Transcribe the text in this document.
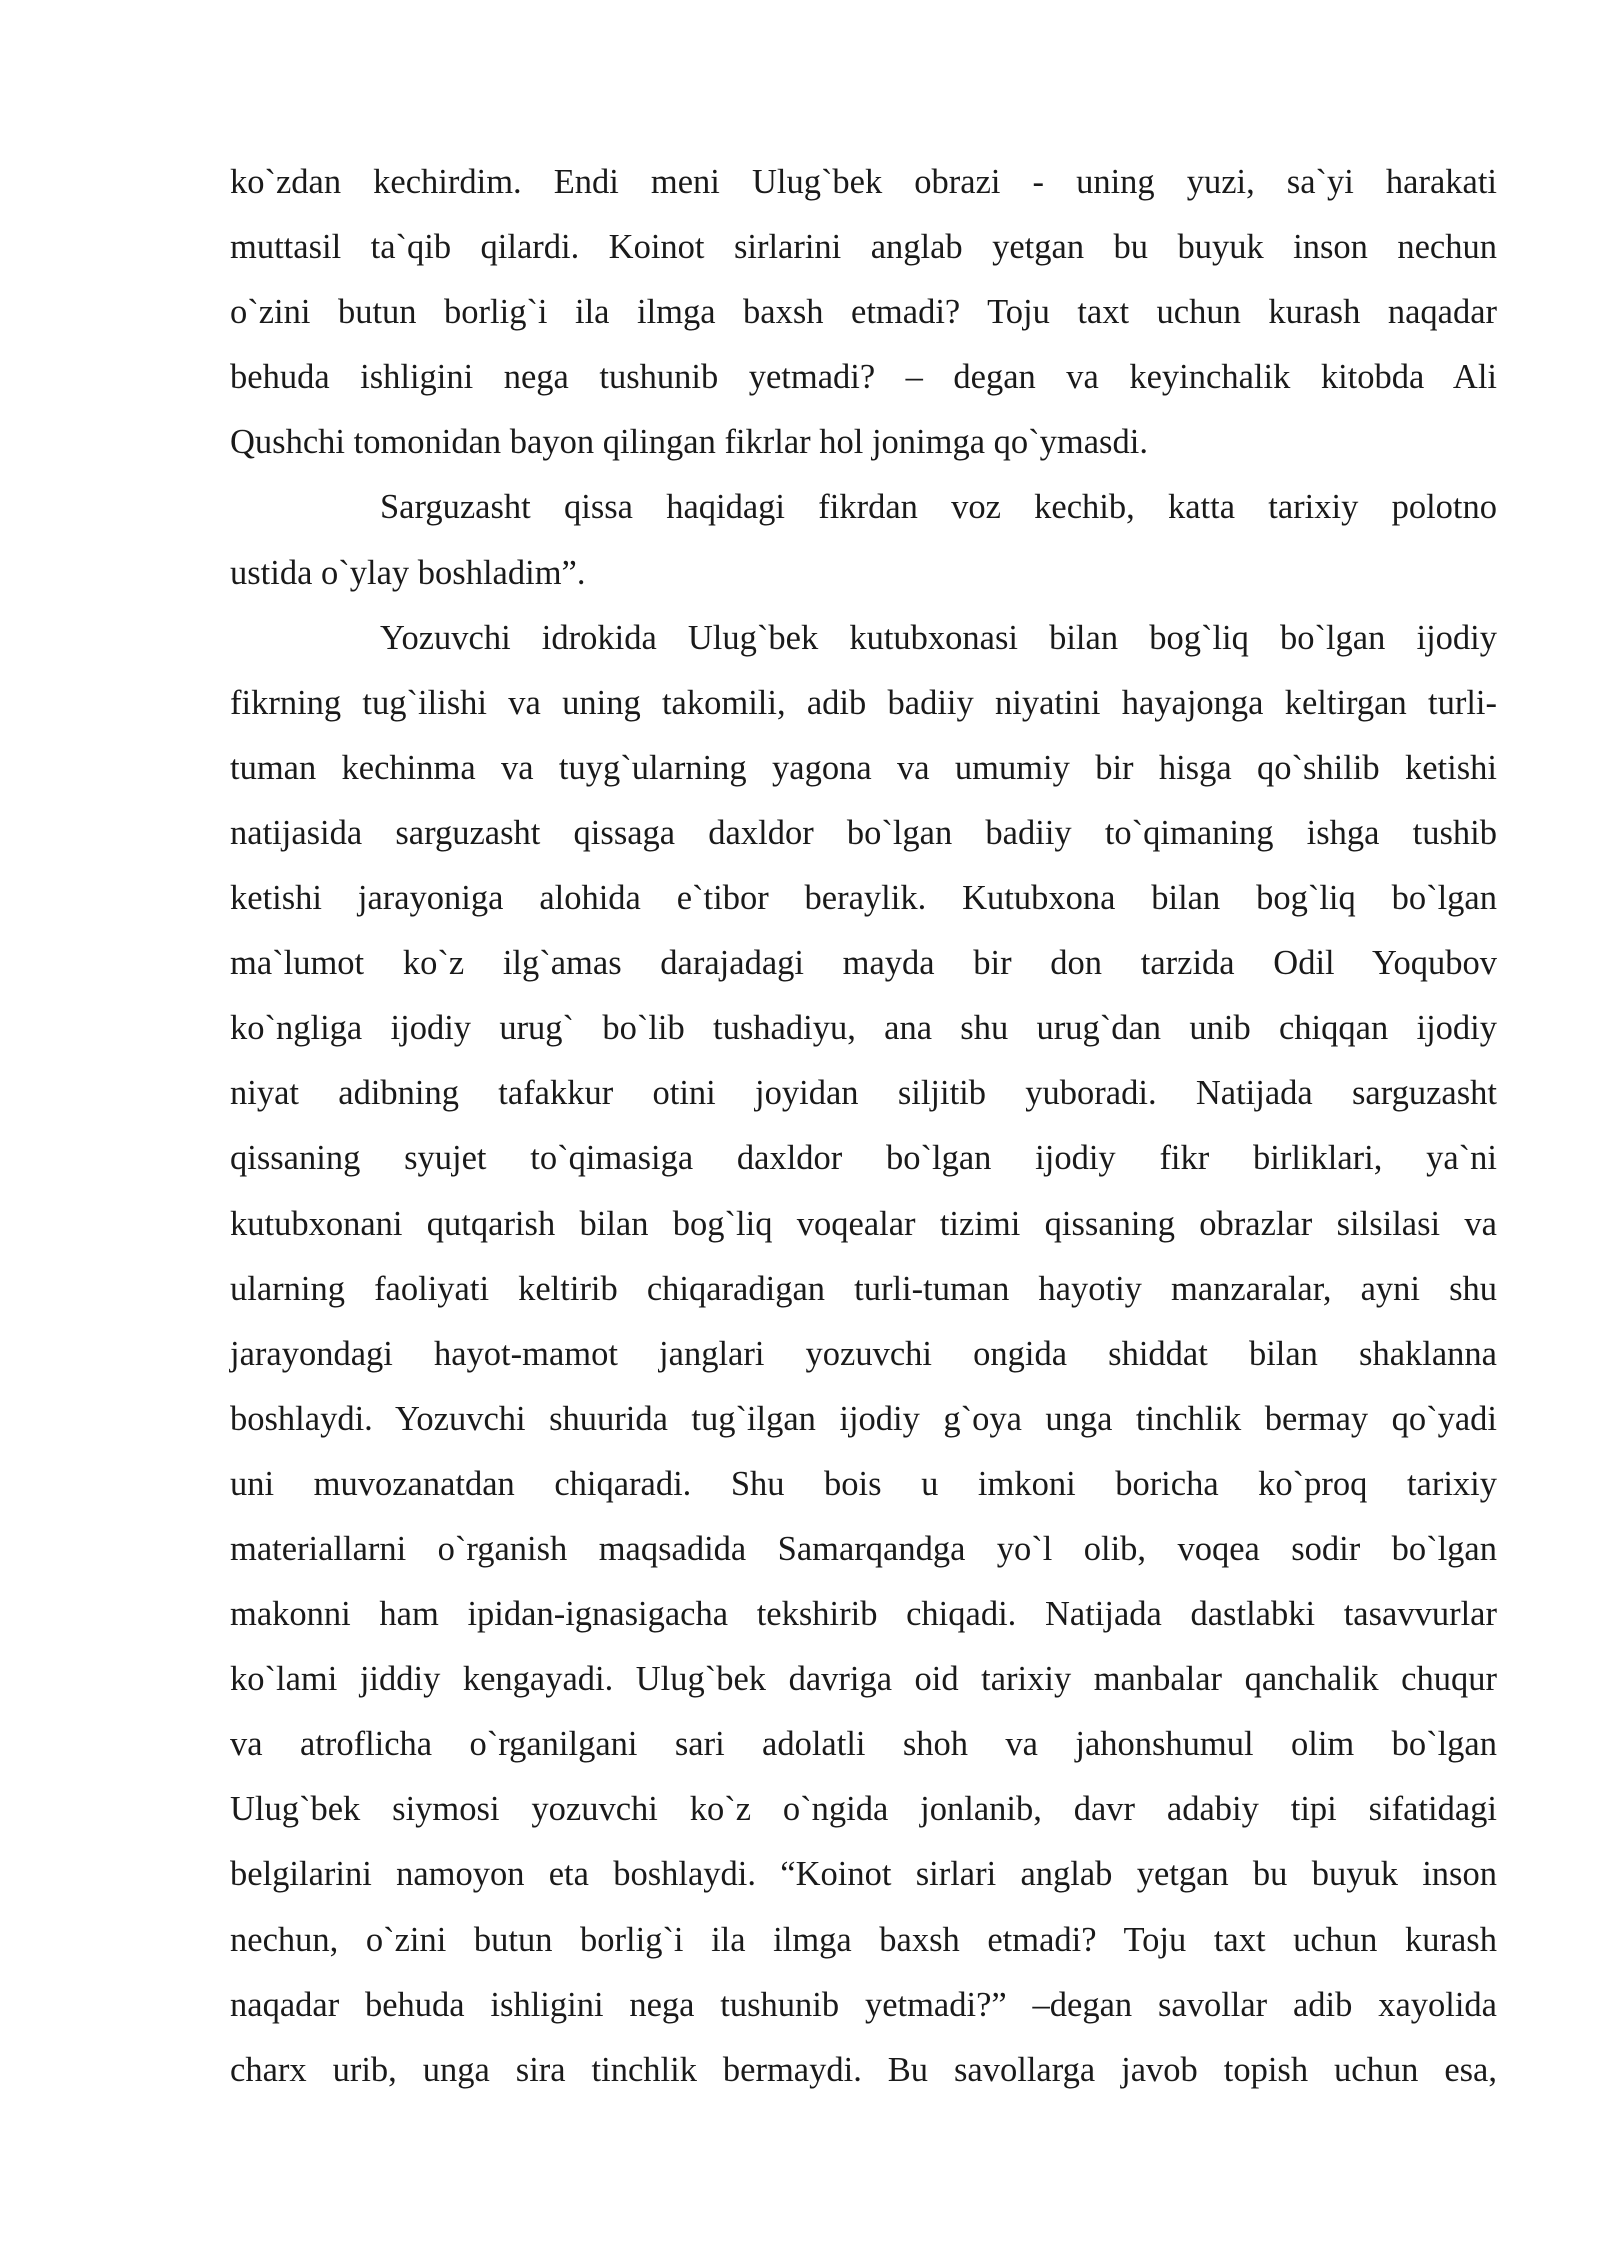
ko`zdan kechirdim. Endi meni Ulug`bek obrazi - uning yuzi, sa`yi harakati
muttasil ta`qib qilardi. Koinot sirlarini anglab yetgan bu buyuk inson nechun
o`zini butun borlig`i ila ilmga baxsh etmadi? Toju taxt uchun kurash naqadar
behuda ishligini nega tushunib yetmadi? – degan va keyinchalik kitobda Ali
Qushchi tomonidan bayon qilingan fikrlar hol jonimga qo`ymasdi.
Sarguzasht qissa haqidagi fikrdan voz kechib, katta tarixiy polotno
ustida o`ylay boshladim”.
Yozuvchi idrokida Ulug`bek kutubxonasi bilan bog`liq bo`lgan ijodiy
fikrning tug`ilishi va uning takomili, adib badiiy niyatini hayajonga keltirgan turli-
tuman kechinma va tuyg`ularning yagona va umumiy bir hisga qo`shilib ketishi
natijasida sarguzasht qissaga daxldor bo`lgan badiiy to`qimaning ishga tushib
ketishi jarayoniga alohida e`tibor beraylik. Kutubxona bilan bog`liq bo`lgan
ma`lumot ko`z ilg`amas darajadagi mayda bir don tarzida Odil Yoqubov
ko`ngliga ijodiy urug` bo`lib tushadiyu, ana shu urug`dan unib chiqqan ijodiy
niyat adibning tafakkur otini joyidan siljitib yuboradi. Natijada sarguzasht
qissaning syujet to`qimasiga daxldor bo`lgan ijodiy fikr birliklari, ya`ni
kutubxonani qutqarish bilan bog`liq voqealar tizimi qissaning obrazlar silsilasi va
ularning faoliyati keltirib chiqaradigan turli-tuman hayotiy manzaralar, ayni shu
jarayondagi hayot-mamot janglari yozuvchi ongida shiddat bilan shaklanna
boshlaydi. Yozuvchi shuurida tug`ilgan ijodiy g`oya unga tinchlik bermay qo`yadi
uni muvozanatdan chiqaradi. Shu bois u imkoni boricha ko`proq tarixiy
materiallarni o`rganish maqsadida Samarqandga yo`l olib, voqea sodir bo`lgan
makonni ham ipidan-ignasigacha tekshirib chiqadi. Natijada dastlabki tasavvurlar
ko`lami jiddiy kengayadi. Ulug`bek davriga oid tarixiy manbalar qanchalik chuqur
va atroflicha o`rganilgani sari adolatli shoh va jahonshumul olim bo`lgan
Ulug`bek siymosi yozuvchi ko`z o`ngida jonlanib, davr adabiy tipi sifatidagi
belgilarini namoyon eta boshlaydi. “Koinot sirlari anglab yetgan bu buyuk inson
nechun, o`zini butun borlig`i ila ilmga baxsh etmadi? Toju taxt uchun kurash
naqadar behuda ishligini nega tushunib yetmadi?” –degan savollar adib xayolida
charx urib, unga sira tinchlik bermaydi. Bu savollarga javob topish uchun esa,
